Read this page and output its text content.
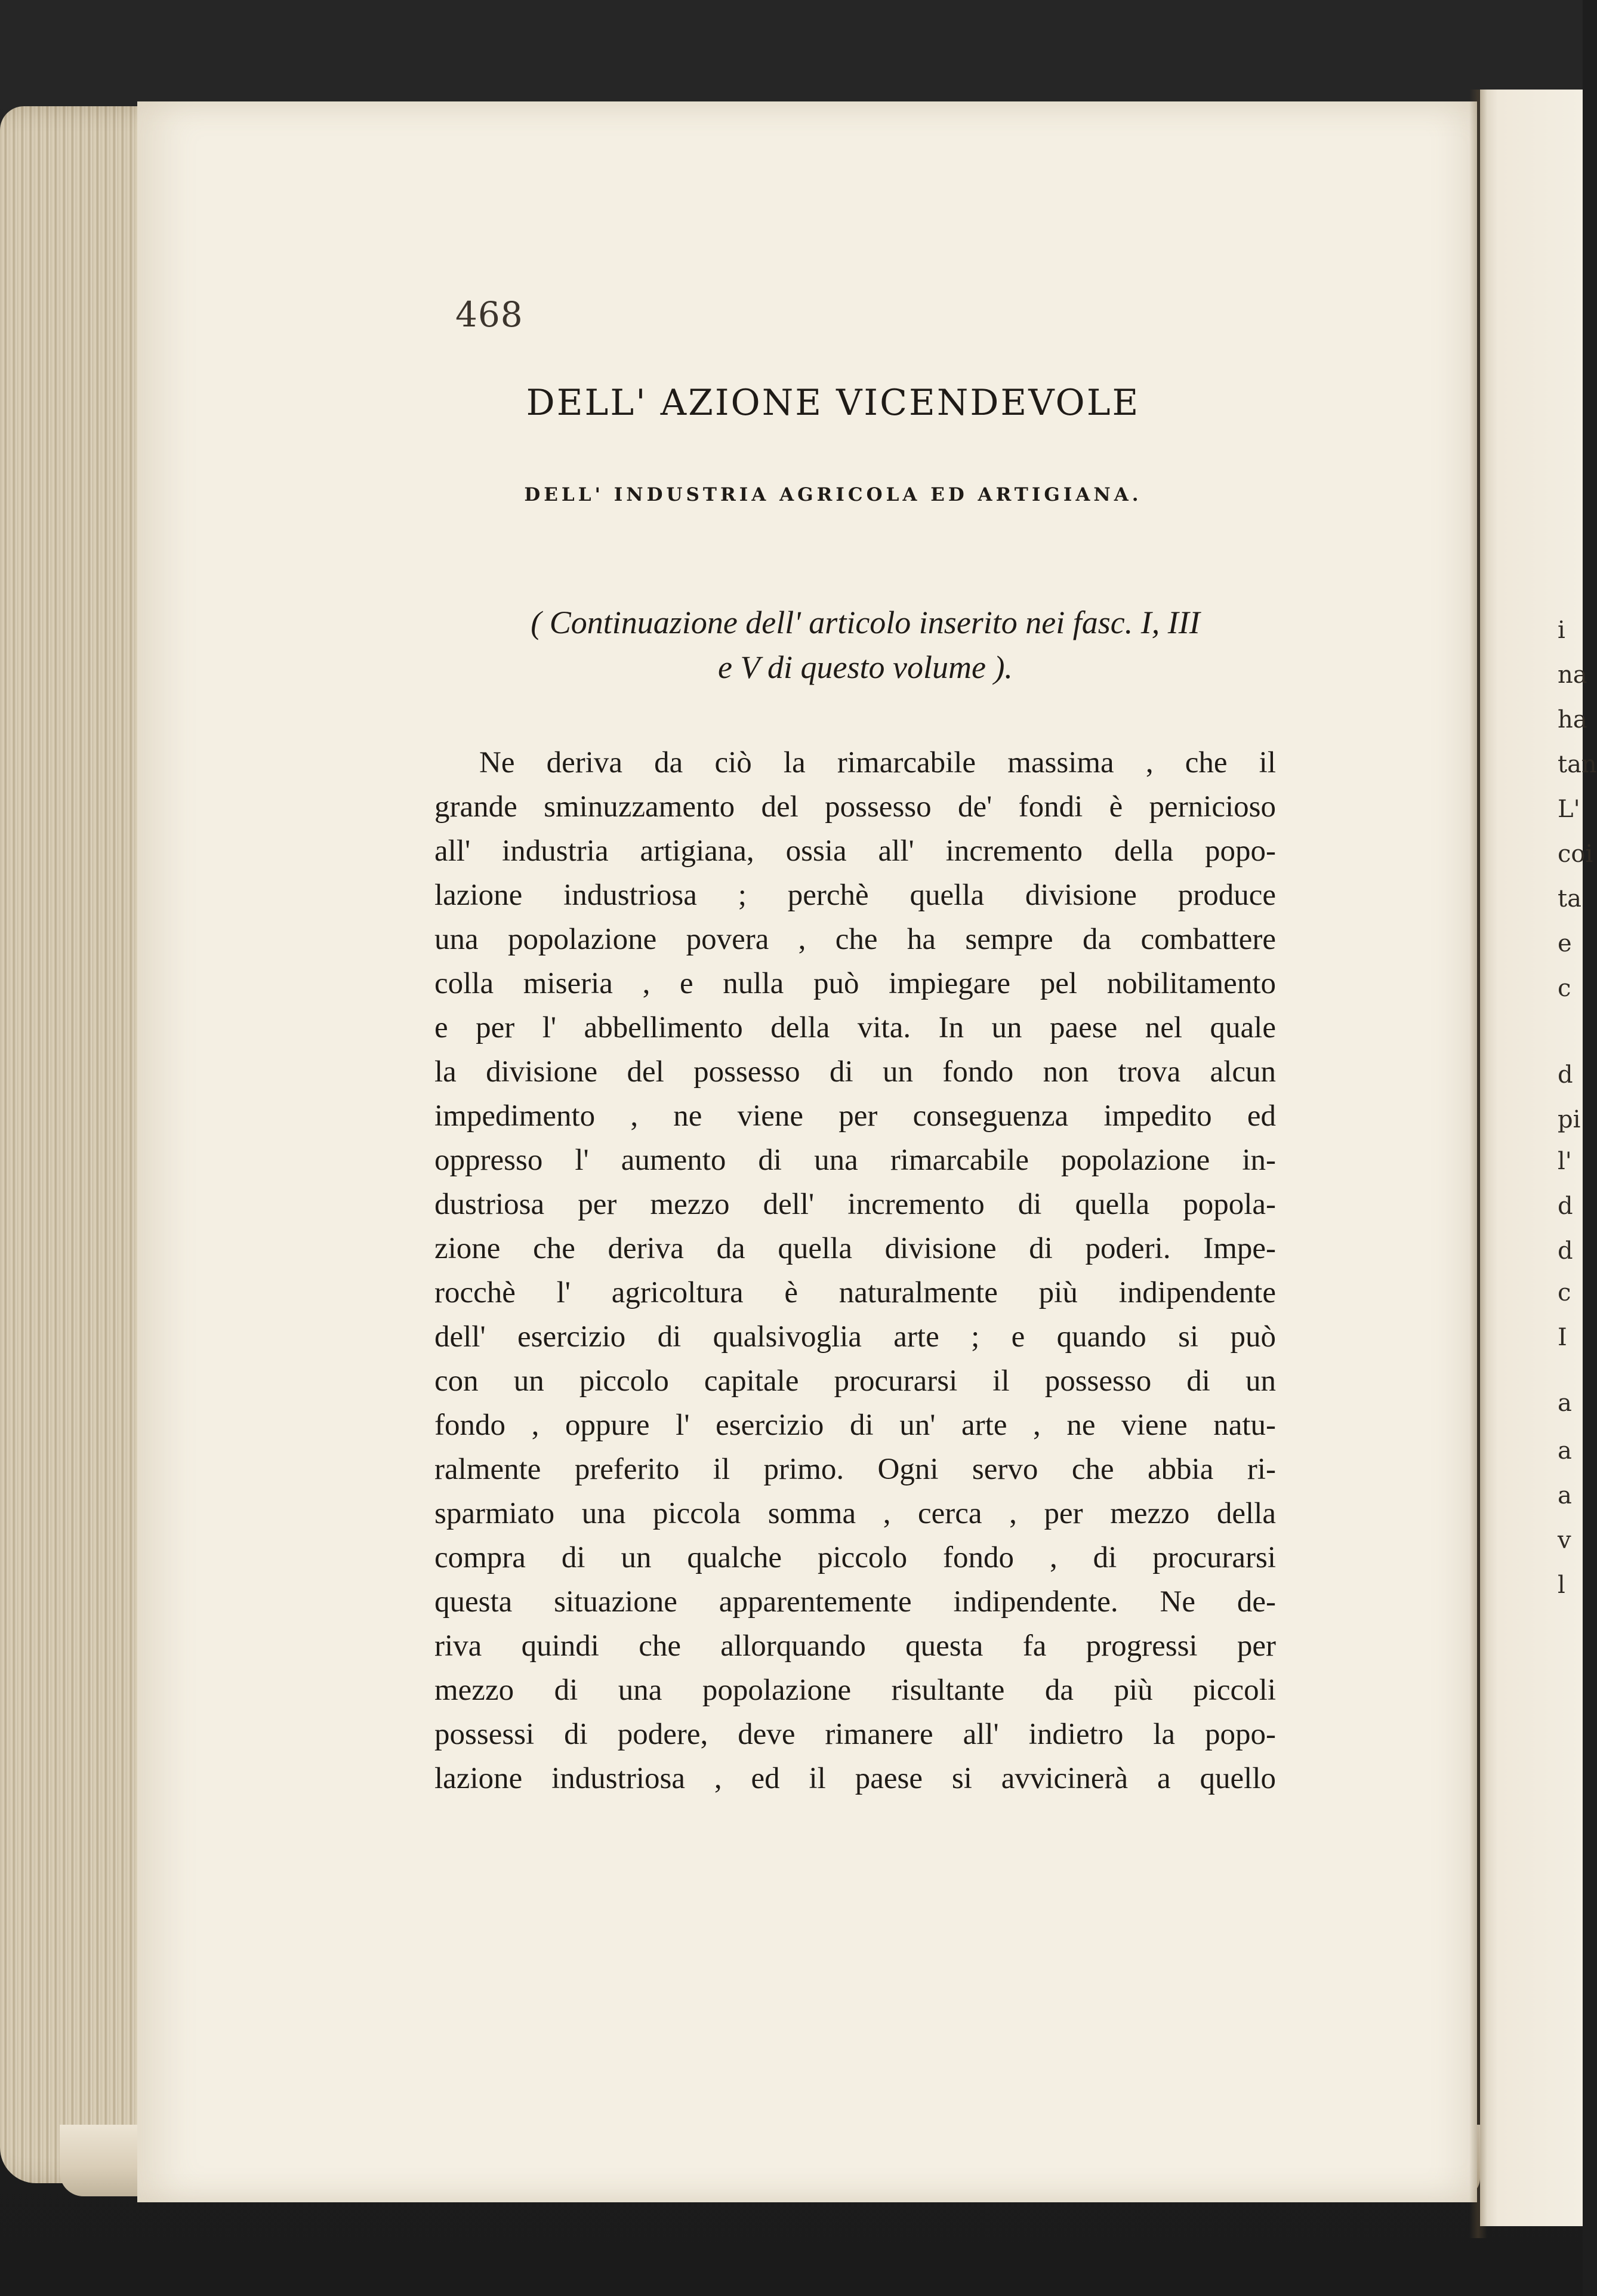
i
na
ha
tan
L'
coi
ta
e
c
d
pi
l'
d
d
c
I
a
a
a
v
l
468
DELL' AZIONE VICENDEVOLE
DELL' INDUSTRIA AGRICOLA ED ARTIGIANA.
( Continuazione dell' articolo inserito nei fasc. I, III
e V di questo volume ).
Ne deriva da ciò la rimarcabile massima , che il
grande sminuzzamento del possesso de' fondi è pernicioso
all' industria artigiana, ossia all' incremento della popo-
lazione industriosa ; perchè quella divisione produce
una popolazione povera , che ha sempre da combattere
colla miseria , e nulla può impiegare pel nobilitamento
e per l' abbellimento della vita. In un paese nel quale
la divisione del possesso di un fondo non trova alcun
impedimento , ne viene per conseguenza impedito ed
oppresso l' aumento di una rimarcabile popolazione in-
dustriosa per mezzo dell' incremento di quella popola-
zione che deriva da quella divisione di poderi. Impe-
rocchè l' agricoltura è naturalmente più indipendente
dell' esercizio di qualsivoglia arte ; e quando si può
con un piccolo capitale procurarsi il possesso di un
fondo , oppure l' esercizio di un' arte , ne viene natu-
ralmente preferito il primo. Ogni servo che abbia ri-
sparmiato una piccola somma , cerca , per mezzo della
compra di un qualche piccolo fondo , di procurarsi
questa situazione apparentemente indipendente. Ne de-
riva quindi che allorquando questa fa progressi per
mezzo di una popolazione risultante da più piccoli
possessi di podere, deve rimanere all' indietro la popo-
lazione industriosa , ed il paese si avvicinerà a quello
